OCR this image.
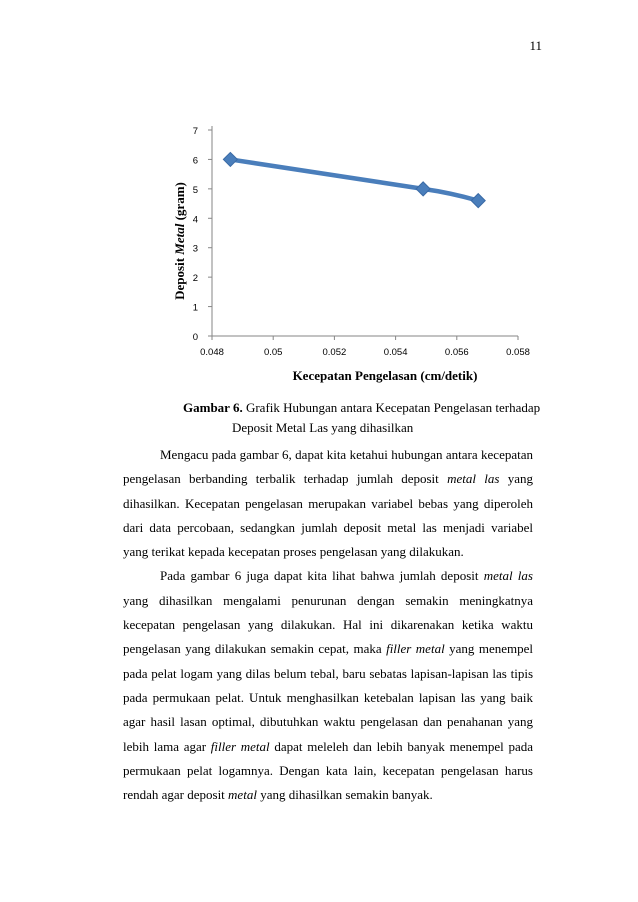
11
0
1
2
3
4
5
6
7
0.048	0.05	0.052	0.054	0.056	0.058
Kecepatan Pengelasan (cm/detik)
Deposit Metal (gram)
Gambar 6. Grafik Hubungan antara Kecepatan Pengelasan terhadap
Deposit Metal Las yang dihasilkan

Mengacu pada gambar 6, dapat kita ketahui hubungan antara kecepatan pengelasan berbanding terbalik terhadap jumlah deposit metal las yang dihasilkan. Kecepatan pengelasan merupakan variabel bebas yang diperoleh dari data percobaan, sedangkan jumlah deposit metal las menjadi variabel yang terikat kepada kecepatan proses pengelasan yang dilakukan.

Pada gambar 6 juga dapat kita lihat bahwa jumlah deposit metal las yang dihasilkan mengalami penurunan dengan semakin meningkatnya kecepatan pengelasan yang dilakukan. Hal ini dikarenakan ketika waktu pengelasan yang dilakukan semakin cepat, maka filler metal yang menempel pada pelat logam yang dilas belum tebal, baru sebatas lapisan-lapisan las tipis pada permukaan pelat. Untuk menghasilkan ketebalan lapisan las yang baik agar hasil lasan optimal, dibutuhkan waktu pengelasan dan penahanan yang lebih lama agar filler metal dapat meleleh dan lebih banyak menempel pada permukaan pelat logamnya. Dengan kata lain, kecepatan pengelasan harus rendah agar deposit metal yang dihasilkan semakin banyak.
